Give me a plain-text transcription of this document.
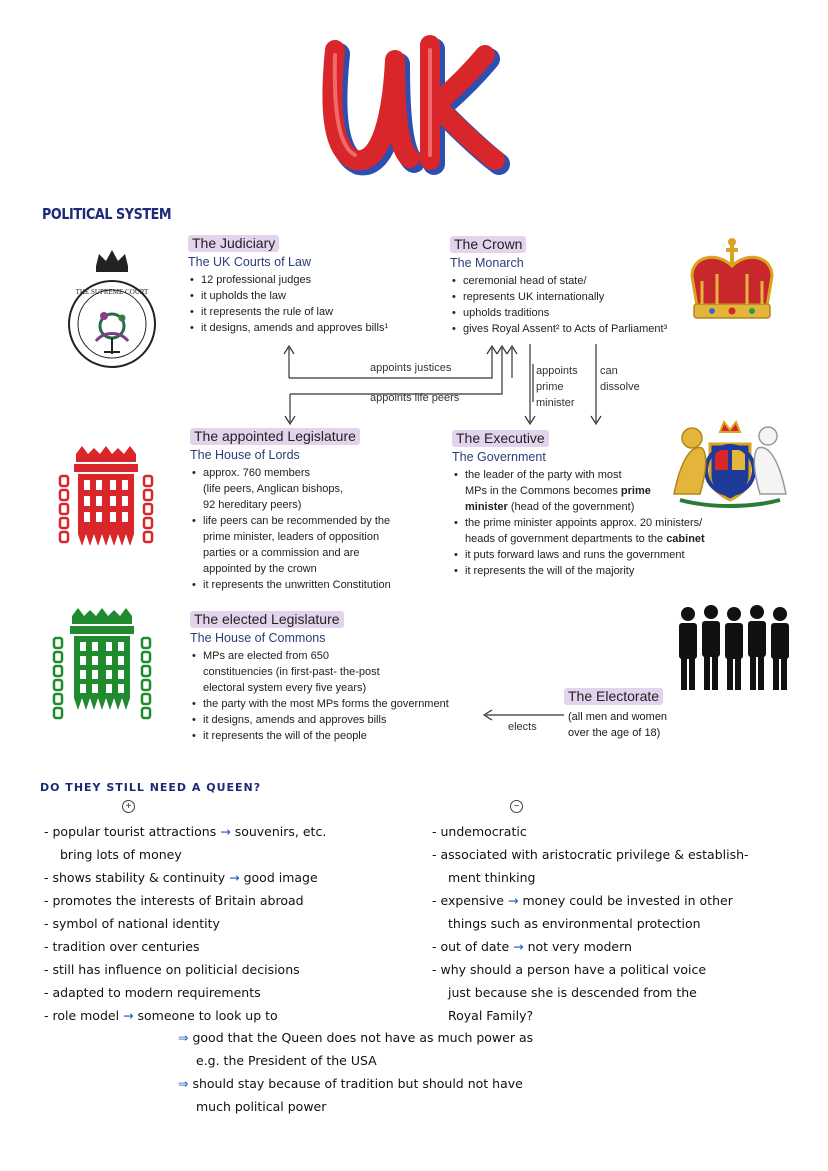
POLITICAL SYSTEM
THE SUPREME COURT
The Judiciary
The UK Courts of Law
• 12 professional judges
• it upholds the law
• it represents the rule of law
• it designs, amends and approves bills¹
The Crown
The Monarch
• ceremonial head of state/
• represents UK internationally
• upholds traditions
• gives Royal Assent² to Acts of Parliament³
appoints justices
appoints life peers
appoints
prime
minister
can
dissolve
The appointed Legislature
The House of Lords
• approx. 760 members
(life peers, Anglican bishops,
92 hereditary peers)
• life peers can be recommended by the
prime minister, leaders of opposition
parties or a commission and are
appointed by the crown
• it represents the unwritten Constitution
The Executive
The Government
• the leader of the party with most
MPs in the Commons becomes prime
minister (head of the government)
• the prime minister appoints approx. 20 ministers/
heads of government departments to the cabinet
• it puts forward laws and runs the government
• it represents the will of the majority
The elected Legislature
The House of Commons
• MPs are elected from 650
constituencies (in first-past- the-post
electoral system every five years)
• the party with the most MPs forms the government
• it designs, amends and approves bills
• it represents the will of the people
The Electorate
(all men and women
over the age of 18)
elects
DO THEY STILL NEED A QUEEN?
+	−
- popular tourist attractions → souvenirs, etc.
bring lots of money
- shows stability & continuity → good image
- promotes the interests of Britain abroad
- symbol of national identity
- tradition over centuries
- still has influence on politicial decisions
- adapted to modern requirements
- role model → someone to look up to
- undemocratic
- associated with aristocratic privilege & establish-
ment thinking
- expensive → money could be invested in other
things such as environmental protection
- out of date → not very modern
- why should a person have a political voice
just because she is descended from the
Royal Family?
⇒ good that the Queen does not have as much power as
e.g. the President of the USA
⇒ should stay because of tradition but should not have
much political power
